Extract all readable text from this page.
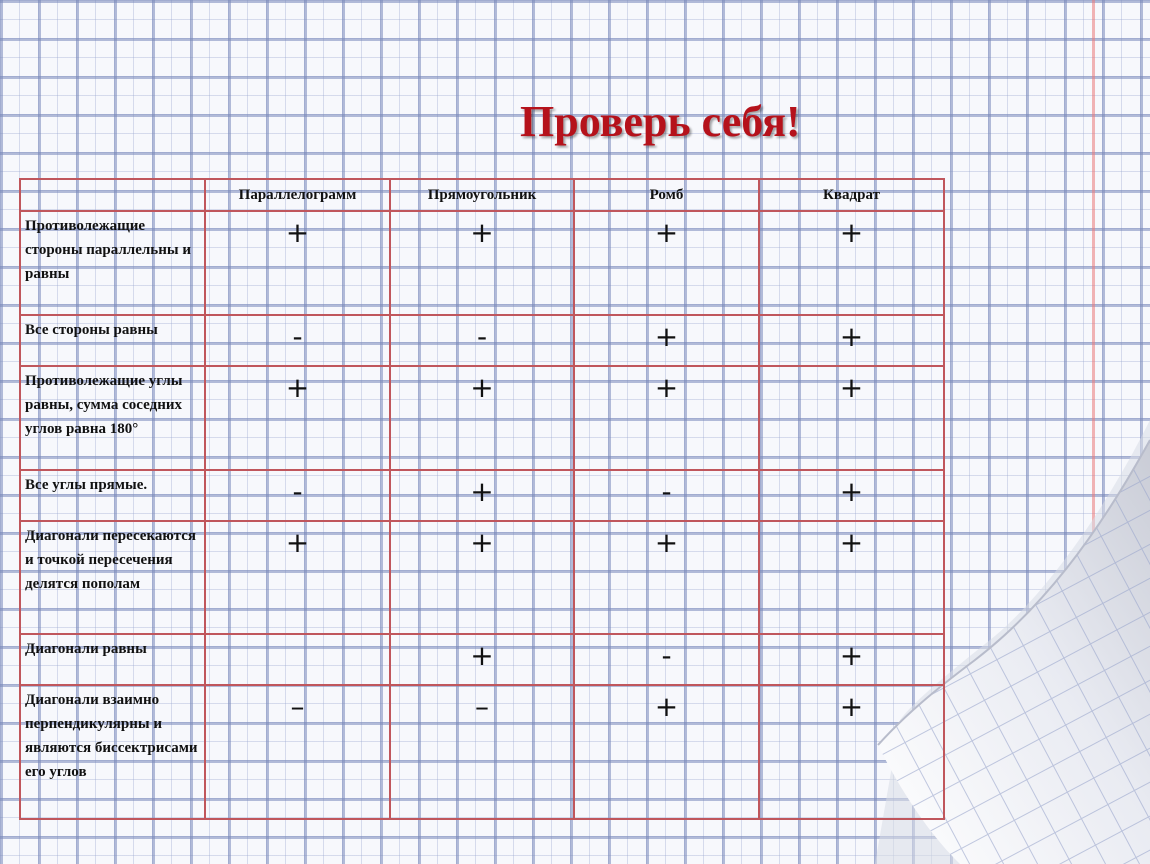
Проверь себя!
	Параллелограмм	Прямоугольник	Ромб	Квадрат
Противолежащие стороны параллельны и равны	+	+	+	+
Все стороны равны	-	-	+	+
Противолежащие углы равны, сумма соседних углов равна 180°	+	+	+	+
Все углы прямые.	-	+	-	+
Диагонали пересекаются и точкой пересечения делятся пополам	+	+	+	+
Диагонали равны		+	-	+
Диагонали взаимно перпендикулярны и являются биссектрисами его углов	–	–	+	+
